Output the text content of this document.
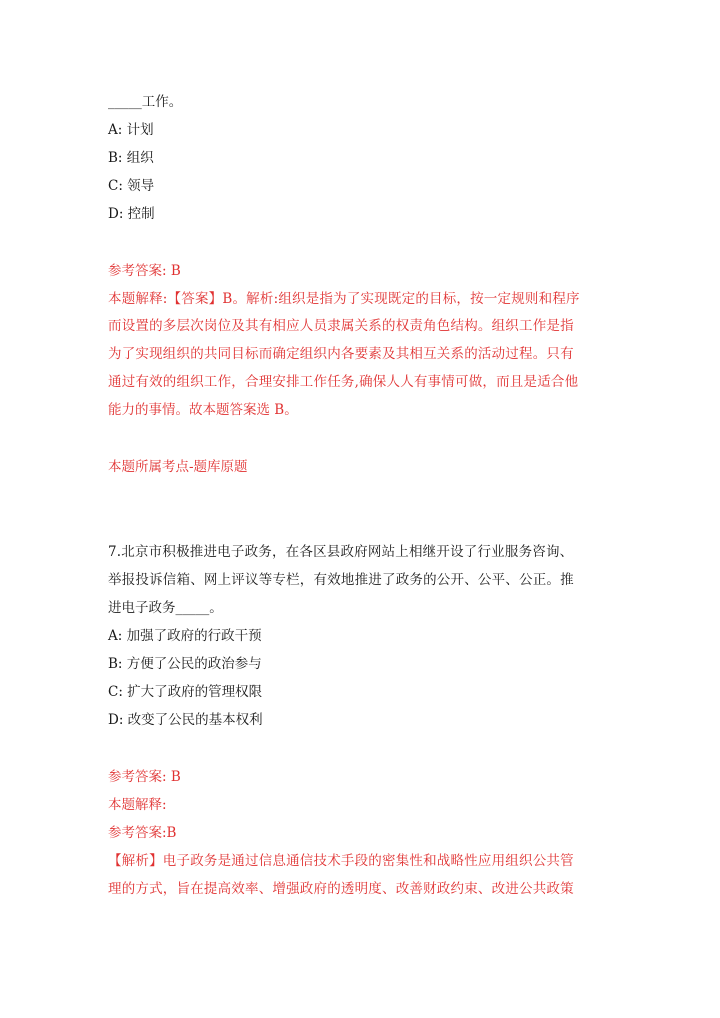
_____工作。

A: 计划

B: 组织

C: 领导

D: 控制

参考答案: B

本题解释:【答案】B。解析:组织是指为了实现既定的目标，按一定规则和程序

而设置的多层次岗位及其有相应人员隶属关系的权责角色结构。组织工作是指

为了实现组织的共同目标而确定组织内各要素及其相互关系的活动过程。只有

通过有效的组织工作，合理安排工作任务,确保人人有事情可做，而且是适合他

能力的事情。故本题答案选 B。

本题所属考点-题库原题

7.北京市积极推进电子政务，在各区县政府网站上相继开设了行业服务咨询、

举报投诉信箱、网上评议等专栏，有效地推进了政务的公开、公平、公正。推

进电子政务_____。

A: 加强了政府的行政干预

B: 方便了公民的政治参与

C: 扩大了政府的管理权限

D: 改变了公民的基本权利

参考答案: B

本题解释:

参考答案:B

【解析】电子政务是通过信息通信技术手段的密集性和战略性应用组织公共管

理的方式，旨在提高效率、增强政府的透明度、改善财政约束、改进公共政策
